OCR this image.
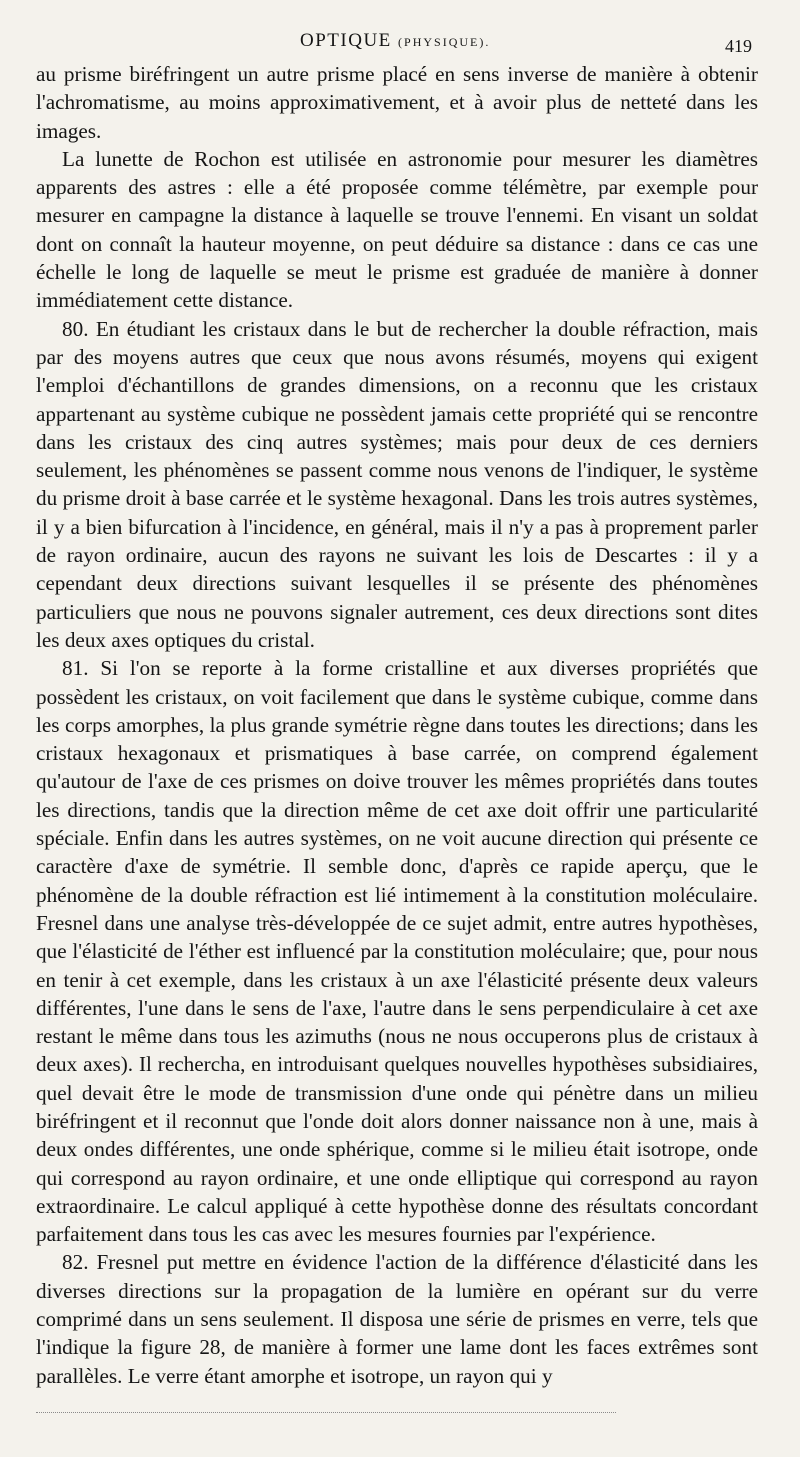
OPTIQUE (PHYSIQUE).	419

au prisme biréfringent un autre prisme placé en sens inverse de manière à obtenir l'achromatisme, au moins approximativement, et à avoir plus de netteté dans les images.

La lunette de Rochon est utilisée en astronomie pour mesurer les diamètres apparents des astres : elle a été proposée comme télémètre, par exemple pour mesurer en campagne la distance à laquelle se trouve l'ennemi. En visant un soldat dont on connaît la hauteur moyenne, on peut déduire sa distance : dans ce cas une échelle le long de laquelle se meut le prisme est graduée de manière à donner immédiatement cette distance.

80. En étudiant les cristaux dans le but de rechercher la double réfraction, mais par des moyens autres que ceux que nous avons résumés, moyens qui exigent l'emploi d'échantillons de grandes dimensions, on a reconnu que les cristaux appartenant au système cubique ne possèdent jamais cette propriété qui se rencontre dans les cristaux des cinq autres systèmes; mais pour deux de ces derniers seulement, les phénomènes se passent comme nous venons de l'indiquer, le système du prisme droit à base carrée et le système hexagonal. Dans les trois autres systèmes, il y a bien bifurcation à l'incidence, en général, mais il n'y a pas à proprement parler de rayon ordinaire, aucun des rayons ne suivant les lois de Descartes : il y a cependant deux directions suivant lesquelles il se présente des phénomènes particuliers que nous ne pouvons signaler autrement, ces deux directions sont dites les deux axes optiques du cristal.

81. Si l'on se reporte à la forme cristalline et aux diverses propriétés que possèdent les cristaux, on voit facilement que dans le système cubique, comme dans les corps amorphes, la plus grande symétrie règne dans toutes les directions; dans les cristaux hexagonaux et prismatiques à base carrée, on comprend également qu'autour de l'axe de ces prismes on doive trouver les mêmes propriétés dans toutes les directions, tandis que la direction même de cet axe doit offrir une particularité spéciale. Enfin dans les autres systèmes, on ne voit aucune direction qui présente ce caractère d'axe de symétrie. Il semble donc, d'après ce rapide aperçu, que le phénomène de la double réfraction est lié intimement à la constitution moléculaire. Fresnel dans une analyse très-développée de ce sujet admit, entre autres hypothèses, que l'élasticité de l'éther est influencé par la constitution moléculaire; que, pour nous en tenir à cet exemple, dans les cristaux à un axe l'élasticité présente deux valeurs différentes, l'une dans le sens de l'axe, l'autre dans le sens perpendiculaire à cet axe restant le même dans tous les azimuths (nous ne nous occuperons plus de cristaux à deux axes). Il rechercha, en introduisant quelques nouvelles hypothèses subsidiaires, quel devait être le mode de transmission d'une onde qui pénètre dans un milieu biréfringent et il reconnut que l'onde doit alors donner naissance non à une, mais à deux ondes différentes, une onde sphérique, comme si le milieu était isotrope, onde qui correspond au rayon ordinaire, et une onde elliptique qui correspond au rayon extraordinaire. Le calcul appliqué à cette hypothèse donne des résultats concordant parfaitement dans tous les cas avec les mesures fournies par l'expérience.

82. Fresnel put mettre en évidence l'action de la différence d'élasticité dans les diverses directions sur la propagation de la lumière en opérant sur du verre comprimé dans un sens seulement. Il disposa une série de prismes en verre, tels que l'indique la figure 28, de manière à former une lame dont les faces extrêmes sont parallèles. Le verre étant amorphe et isotrope, un rayon qui y
